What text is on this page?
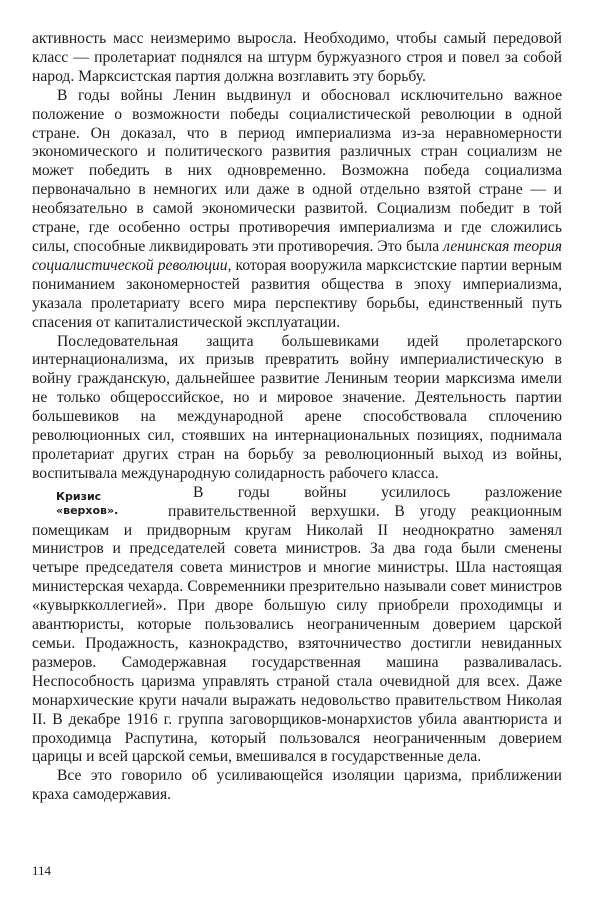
активность масс неизмеримо выросла. Необходимо, чтобы самый передовой класс — пролетариат поднялся на штурм буржуазного строя и повел за собой народ. Марксистская партия должна возглавить эту борьбу.

В годы войны Ленин выдвинул и обосновал исключительно важное положение о возможности победы социалистической революции в одной стране. Он доказал, что в период империализма из-за неравномерности экономического и политического развития различных стран социализм не может победить в них одновременно. Возможна победа социализма первоначально в немногих или даже в одной отдельно взятой стране — и необязательно в самой экономически развитой. Социализм победит в той стране, где особенно остры противоречия империализма и где сложились силы, способные ликвидировать эти противоречия. Это была ленинская теория социалистической революции, которая вооружила марксистские партии верным пониманием закономерностей развития общества в эпоху империализма, указала пролетариату всего мира перспективу борьбы, единственный путь спасения от капиталистической эксплуатации.

Последовательная защита большевиками идей пролетарского интернационализма, их призыв превратить войну империалистическую в войну гражданскую, дальнейшее развитие Лениным теории марксизма имели не только общероссийское, но и мировое значение. Деятельность партии большевиков на международной арене способствовала сплочению революционных сил, стоявших на интернациональных позициях, поднимала пролетариат других стран на борьбу за революционный выход из войны, воспитывала международную солидарность рабочего класса.

Кризис
«верхов».
В годы войны усилилось разложение правительственной верхушки. В угоду реакционным помещикам и придворным кругам Николай II неоднократно заменял министров и председателей совета министров. За два года были сменены четыре председателя совета министров и многие министры. Шла настоящая министерская чехарда. Современники презрительно называли совет министров «кувыркколлегией». При дворе большую силу приобрели проходимцы и авантюристы, которые пользовались неограниченным доверием царской семьи. Продажность, казнокрадство, взяточничество достигли невиданных размеров. Самодержавная государственная машина разваливалась. Неспособность царизма управлять страной стала очевидной для всех. Даже монархические круги начали выражать недовольство правительством Николая II. В декабре 1916 г. группа заговорщиков-монархистов убила авантюриста и проходимца Распутина, который пользовался неограниченным доверием царицы и всей царской семьи, вмешивался в государственные дела.

Все это говорило об усиливающейся изоляции царизма, приближении краха самодержавия.

114
